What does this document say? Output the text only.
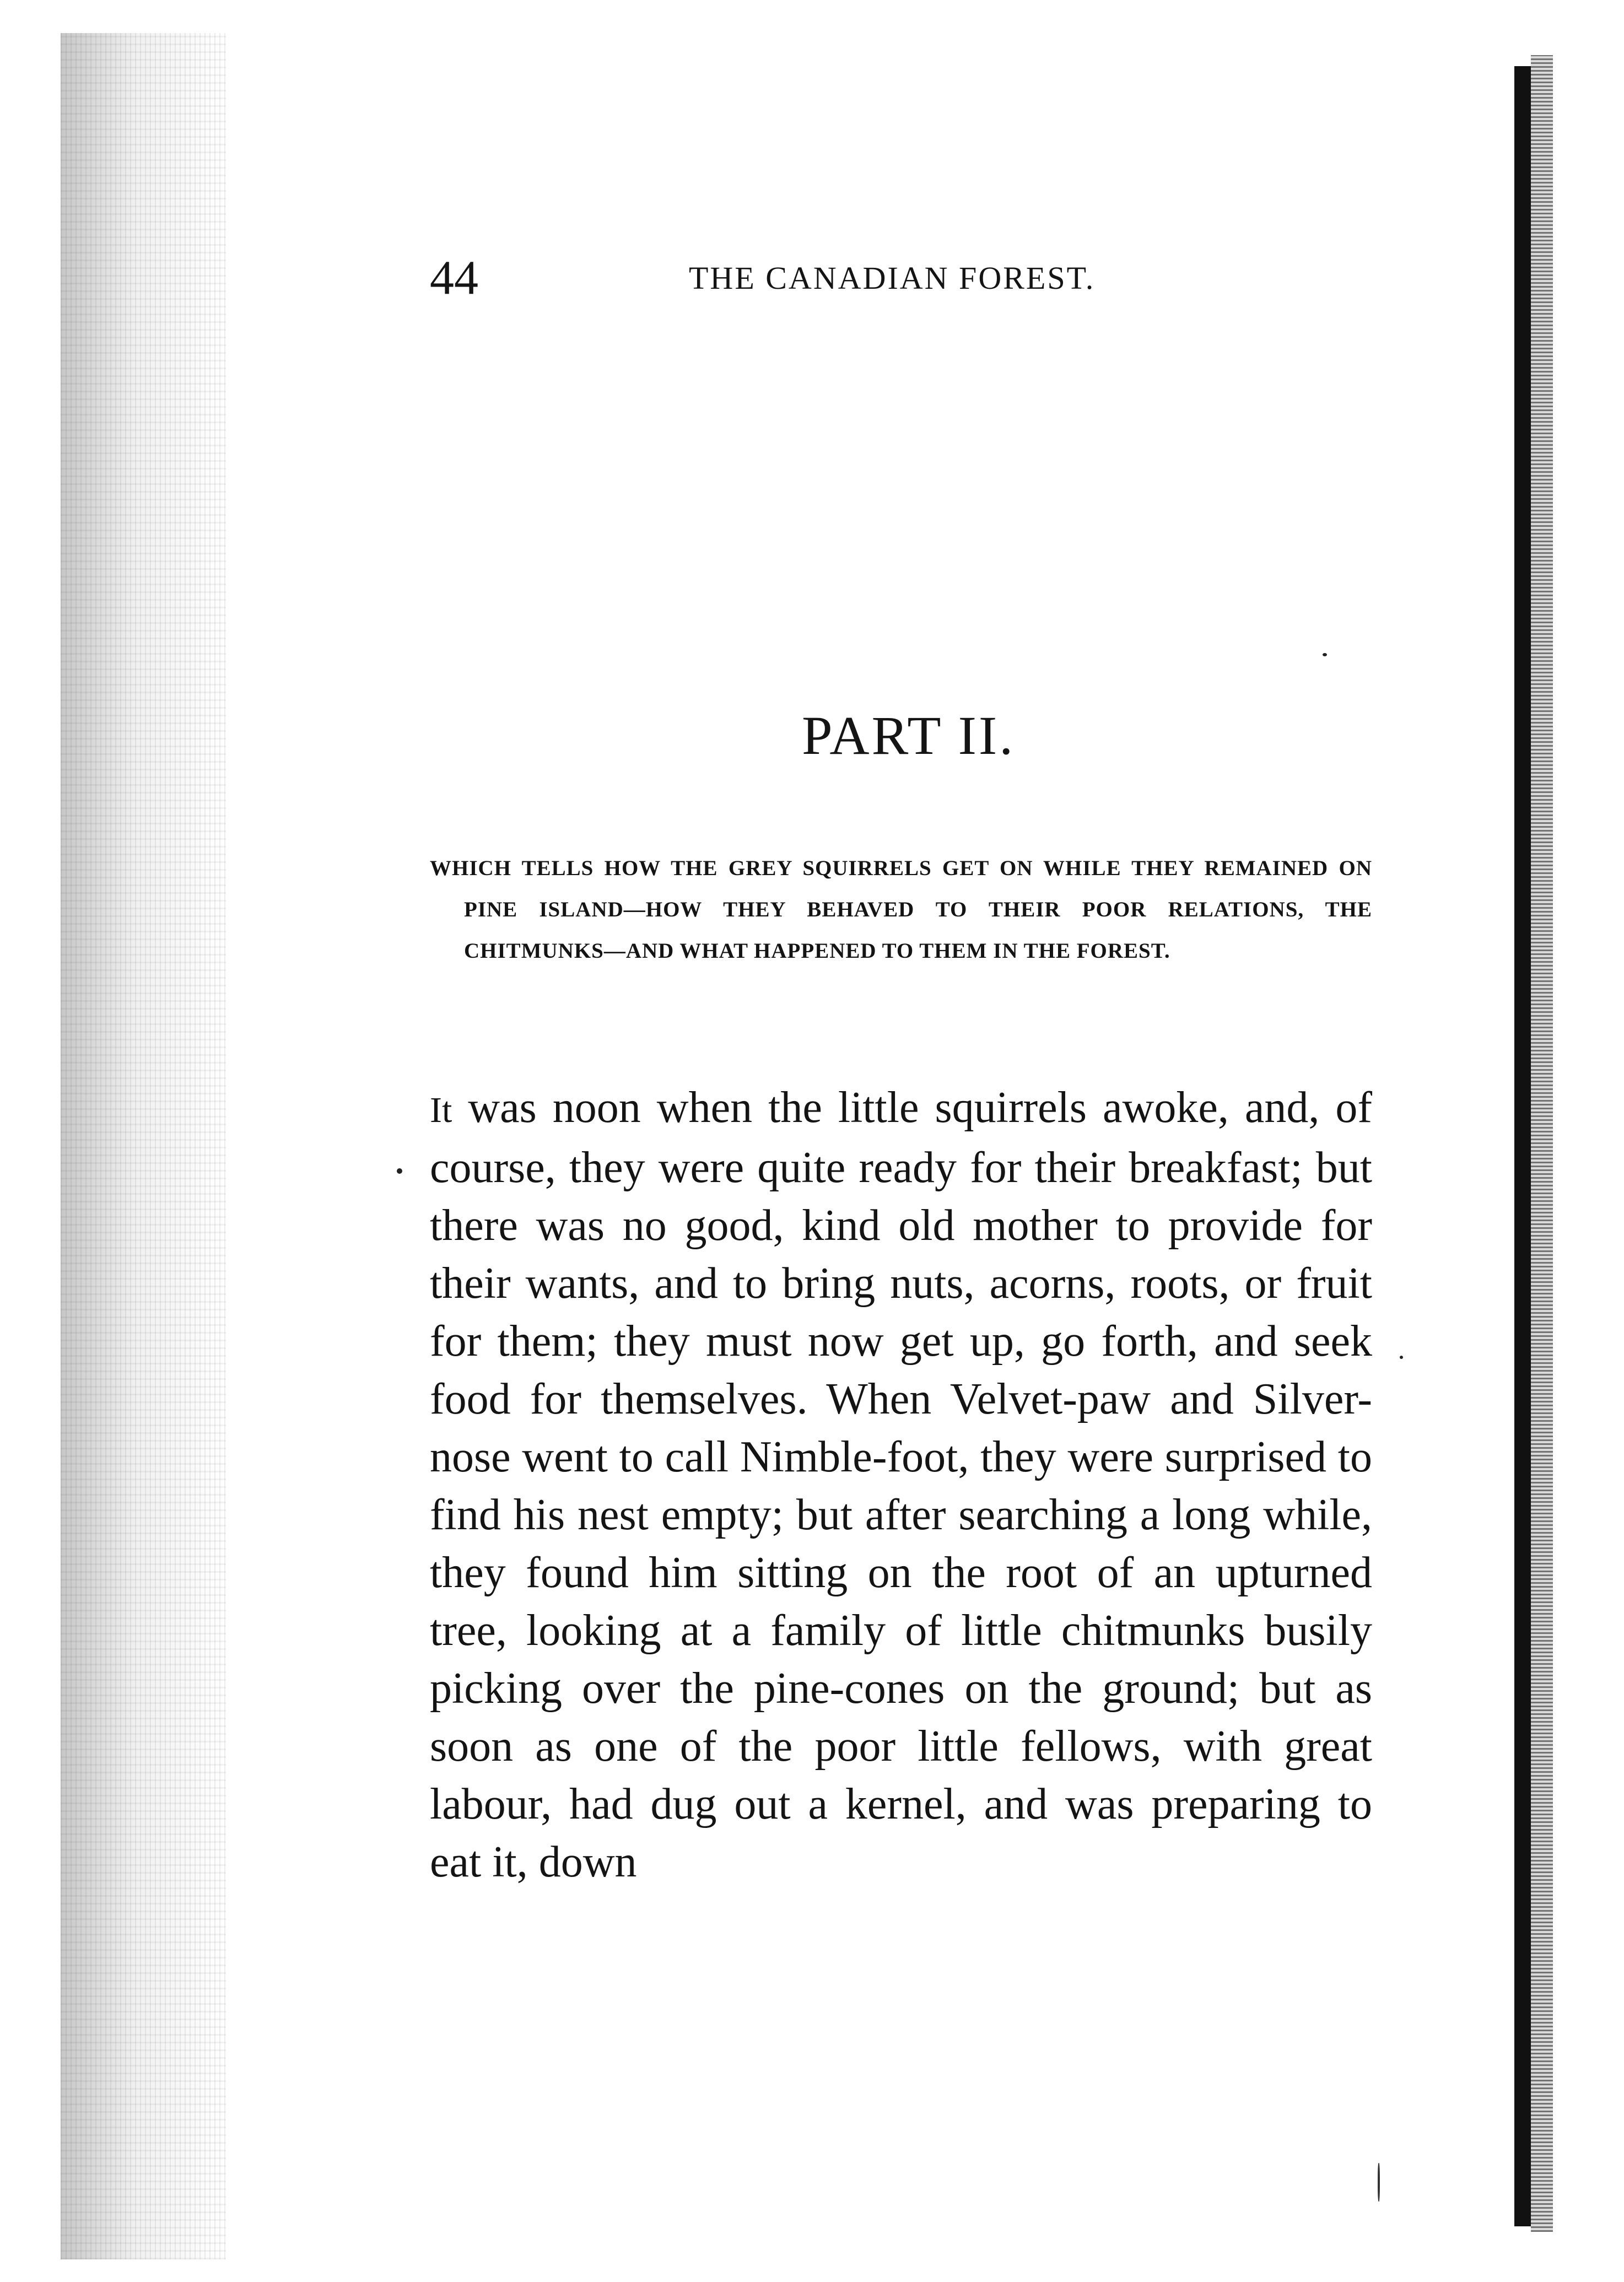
44	THE CANADIAN FOREST.
PART II.
WHICH TELLS HOW THE GREY SQUIRRELS GET ON WHILE THEY REMAINED ON PINE ISLAND—HOW THEY BEHAVED TO THEIR POOR RELATIONS, THE CHITMUNKS—AND WHAT HAPPENED TO THEM IN THE FOREST.
It was noon when the little squirrels awoke, and, of course, they were quite ready for their breakfast; but there was no good, kind old mother to provide for their wants, and to bring nuts, acorns, roots, or fruit for them; they must now get up, go forth, and seek food for themselves. When Velvet-paw and Silver-nose went to call Nimble-foot, they were surprised to find his nest empty; but after searching a long while, they found him sitting on the root of an upturned tree, looking at a family of little chitmunks busily picking over the pine-cones on the ground; but as soon as one of the poor little fellows, with great labour, had dug out a kernel, and was preparing to eat it, down
